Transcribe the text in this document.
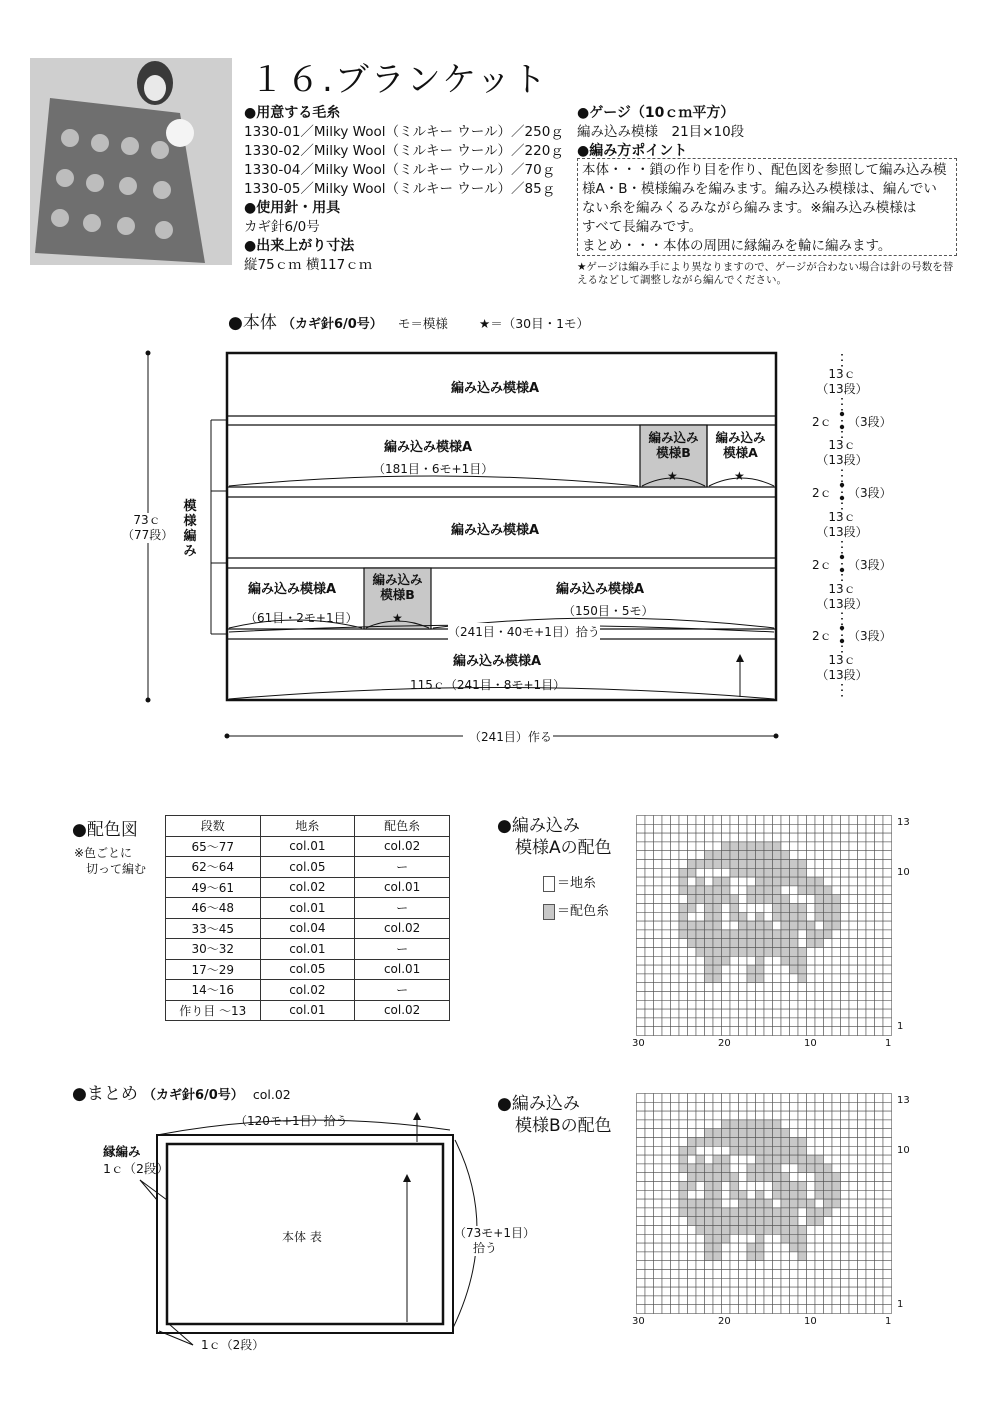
１６.ブランケット
●用意する毛糸
1330-01／Milky Wool（ミルキー ウール）／250ｇ
1330-02／Milky Wool（ミルキー ウール）／220ｇ
1330-04／Milky Wool（ミルキー ウール）／70ｇ
1330-05／Milky Wool（ミルキー ウール）／85ｇ
●使用針・用具
カギ針6/0号
●出来上がり寸法
縦75ｃｍ 横117ｃｍ
●ゲージ（10ｃｍ平方）
編み込み模様　21目×10段
●編み方ポイント
本体・・・鎖の作り目を作り、配色図を参照して編み込み模
様A・B・模様編みを編みます。編み込み模様は、編んでい
ない糸を編みくるみながら編みます。※編み込み模様は
すべて長編みです。
まとめ・・・本体の周囲に縁編みを輪に編みます。
★ゲージは編み手により異なりますので、ゲージが合わない場合は針の号数を替
えるなどして調整しながら編んでください。
●本体 （カギ針6/0号） モ＝模様 ★＝（30目・1モ）
編み込み模様A
編み込み模様A
（181目・6モ+1目）
編み込み
模様B
★
編み込み
模様A
★
編み込み模様A
編み込み模様A
（61目・2モ+1目）
編み込み
模様B
★
編み込み模様A
（150目・5モ）
（241目・40モ+1目）拾う
編み込み模様A
115ｃ（241目・8モ+1目）
（241目）作る
73ｃ
（77段）
模
様
編
み
13ｃ
（13段）
2ｃ （3段）
13ｃ
（13段）
2ｃ （3段）
13ｃ
（13段）
2ｃ （3段）
13ｃ
（13段）
2ｃ （3段）
13ｃ
（13段）
●配色図
※色ごとに
切って編む
段数	地糸	配色糸
65〜77	col.01	col.02
62〜64	col.05	ー
49〜61	col.02	col.01
46〜48	col.01	ー
33〜45	col.04	col.02
30〜32	col.01	ー
17〜29	col.05	col.01
14〜16	col.02	ー
作り目 〜13	col.01	col.02
●編み込み
模様Aの配色
＝地糸
＝配色糸
13
10
1
30	20	10	1
●まとめ （カギ針6/0号） col.02
（120モ+1目）拾う
縁編み
1ｃ（2段）
1ｃ（2段）
本体 表	（73モ+1目）
拾う
●編み込み
模様Bの配色
13
10
1
30	20	10	1
